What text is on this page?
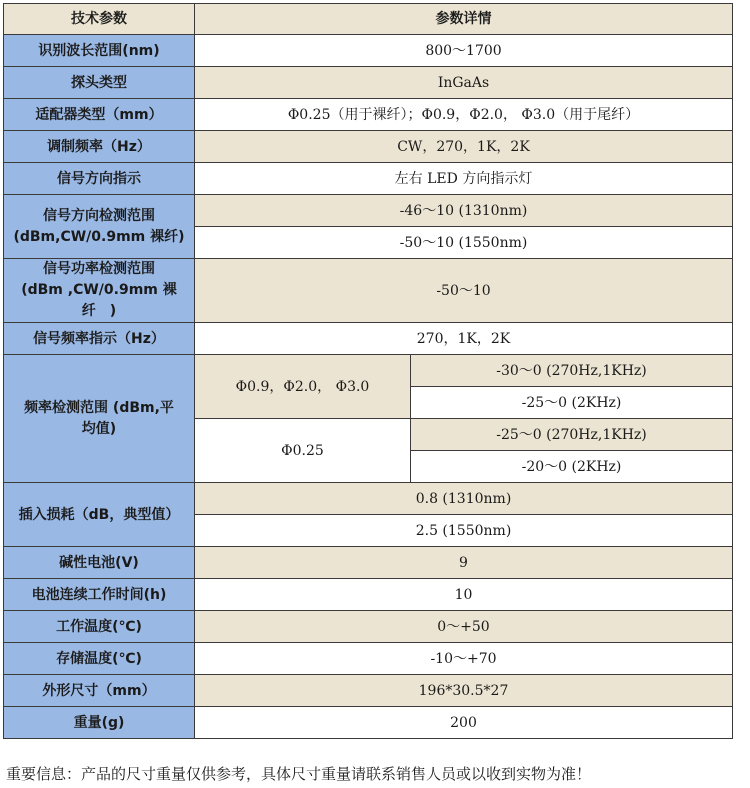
技术参数	参数详情	
识别波长范围(nm)	800～1700	
探头类型	InGaAs	
适配器类型（mm）	Φ0.25（用于裸纤）；Φ0.9，Φ2.0， Φ3.0（用于尾纤）	
调制频率（Hz）	CW，270，1K，2K	
信号方向指示	左右 LED 方向指示灯	

信号方向检测范围
(dBm,CW/0.9mm 裸纤)	-46～10 (1310nm)	
	-50～10 (1550nm)	

信号功率检测范围
(dBm ,CW/0.9mm 裸纤　)	-50～10	
信号频率指示（Hz）	270，1K，2K	

频率检测范围 (dBm,平
均值)	Φ0.9，Φ2.0， Φ3.0	-30～0 (270Hz,1KHz)
		-25～0 (2KHz)
	Φ0.25	-25～0 (270Hz,1KHz)
		-20～0 (2KHz)
插入损耗（dB，典型值）	0.8 (1310nm)	
	2.5 (1550nm)	
碱性电池(V)	9	
电池连续工作时间(h)	10	
工作温度(℃)	0～+50	
存储温度(℃)	-10～+70	
外形尺寸（mm）	196*30.5*27	
重量(g)	200	
重要信息：产品的尺寸重量仅供参考，具体尺寸重量请联系销售人员或以收到实物为准！
